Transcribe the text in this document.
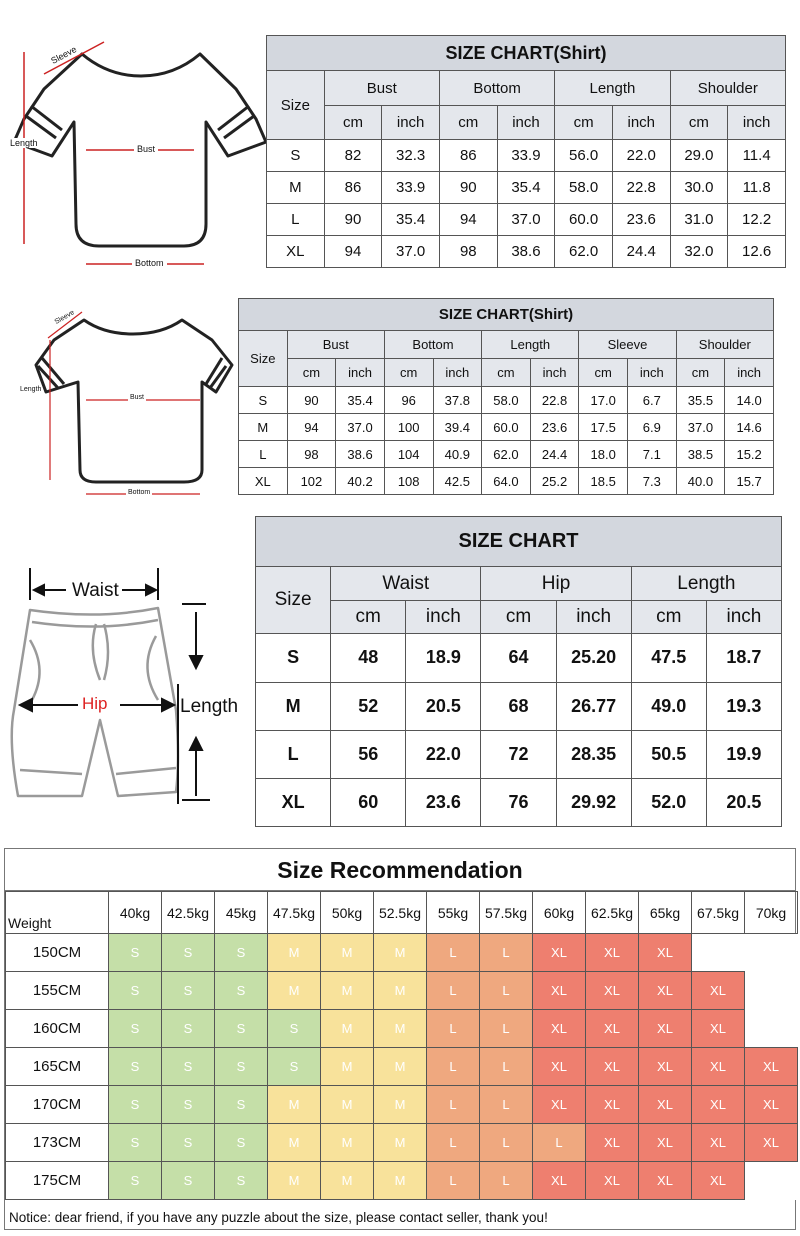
Sleeve
Length
Bust
Bottom
SIZE CHART(Shirt)								
Size	Bust		Bottom		Length		Shoulder	
	cm	inch	cm	inch	cm	inch	cm	inch
S	82	32.3	86	33.9	56.0	22.0	29.0	11.4
M	86	33.9	90	35.4	58.0	22.8	30.0	11.8
L	90	35.4	94	37.0	60.0	23.6	31.0	12.2
XL	94	37.0	98	38.6	62.0	24.4	32.0	12.6
Sleeve
Length
Bust
Bottom
SIZE CHART(Shirt)										
Size	Bust		Bottom		Length		Sleeve		Shoulder	
	cm	inch	cm	inch	cm	inch	cm	inch	cm	inch
S	90	35.4	96	37.8	58.0	22.8	17.0	6.7	35.5	14.0
M	94	37.0	100	39.4	60.0	23.6	17.5	6.9	37.0	14.6
L	98	38.6	104	40.9	62.0	24.4	18.0	7.1	38.5	15.2
XL	102	40.2	108	42.5	64.0	25.2	18.5	7.3	40.0	15.7
Waist
Hip	Length
SIZE CHART						
Size	Waist		Hip		Length	
	cm	inch	cm	inch	cm	inch
S	48	18.9	64	25.20	47.5	18.7
M	52	20.5	68	26.77	49.0	19.3
L	56	22.0	72	28.35	50.5	19.9
XL	60	23.6	76	29.92	52.0	20.5
Size Recommendation
Weight	40kg	42.5kg	45kg	47.5kg	50kg	52.5kg	55kg	57.5kg	60kg	62.5kg	65kg	67.5kg	70kg
150CM	S	S	S	M	M	M	L	L	XL	XL	XL		
155CM	S	S	S	M	M	M	L	L	XL	XL	XL	XL	
160CM	S	S	S	S	M	M	L	L	XL	XL	XL	XL	
165CM	S	S	S	S	M	M	L	L	XL	XL	XL	XL	XL
170CM	S	S	S	M	M	M	L	L	XL	XL	XL	XL	XL
173CM	S	S	S	M	M	M	L	L	L	XL	XL	XL	XL
175CM	S	S	S	M	M	M	L	L	XL	XL	XL	XL	
Notice: dear friend, if you have any puzzle about the size, please contact seller, thank you!
